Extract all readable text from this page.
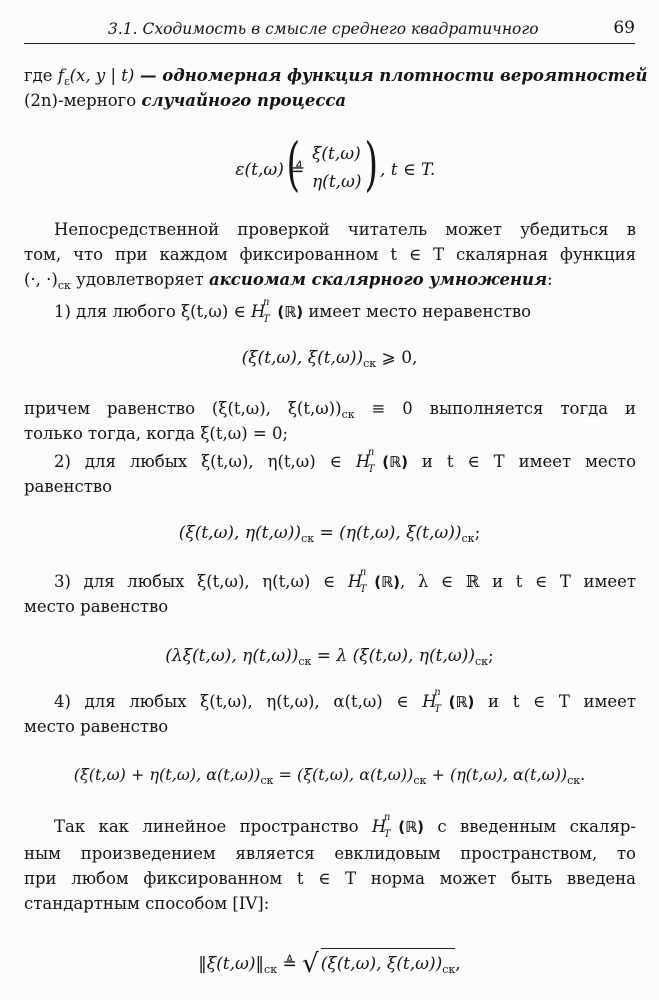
3.1. Сходимость в смысле среднего квадратичного	69
где $f_\varepsilon(x$, y | t) — одномерная функция плотности вероятностей
(2n)-мерного случайного процесса
ε(t,ω) ≜
( ξ(t,ω)
η(t,ω) ) , t ∈ T.
Непосредственной проверкой читатель может убедиться в
том, что при каждом фиксированном t ∈ T скалярная функция
(·, $\cdot)_{ск}$ удовлетворяет аксиомам скалярного умножения:
1) для любого ξ(t,ω) ∈ H
n
T (ℝ) имеет место неравенство
(ξ(t,ω), $\xi(t,\omega))_{ск}$ ⩾ 0,
причем равенство (ξ(t,ω), $\xi(t,\omega))_{ск} \equiv 0$ выполняется тогда и
только тогда, когда ξ(t,ω) = 0;
2) для любых ξ(t,ω), η(t,ω) ∈ H
n
T (ℝ) и t ∈ T имеет место
равенство
(ξ(t,ω), $\eta(t,\omega))_{ск} = (\eta(t,\omega)$, $\xi(t,\omega))_{ск}$;
3) для любых ξ(t,ω), η(t,ω) ∈ H
n
T (ℝ), λ ∈ ℝ и t ∈ T имеет
место равенство
(λξ(t,ω), $\eta(t,\omega))_{ск} = \lambda$ (ξ(t,ω), $\eta(t,\omega))_{ск}$;
4) для любых ξ(t,ω), η(t,ω), α(t,ω) ∈ H
n
T (ℝ) и t ∈ T имеет
место равенство
(ξ(t,ω) + η(t,ω), $\alpha(t,\omega))_{ск} = (\xi(t,\omega)$, $\alpha(t,\omega))_{ск} + (\eta(t,\omega)$, $\alpha(t,\omega))_{ск}$.
Так как линейное пространство H
n
T (ℝ) с введенным скаляр-
ным произведением является евклидовым пространством, то
при любом фиксированном t ∈ T норма может быть введена
стандартным способом [IV]:
$‖\xi(t,\omega)‖_{ск}$ ≜ √ (ξ(t,ω), $\xi(t,\omega))_{ск}$,
